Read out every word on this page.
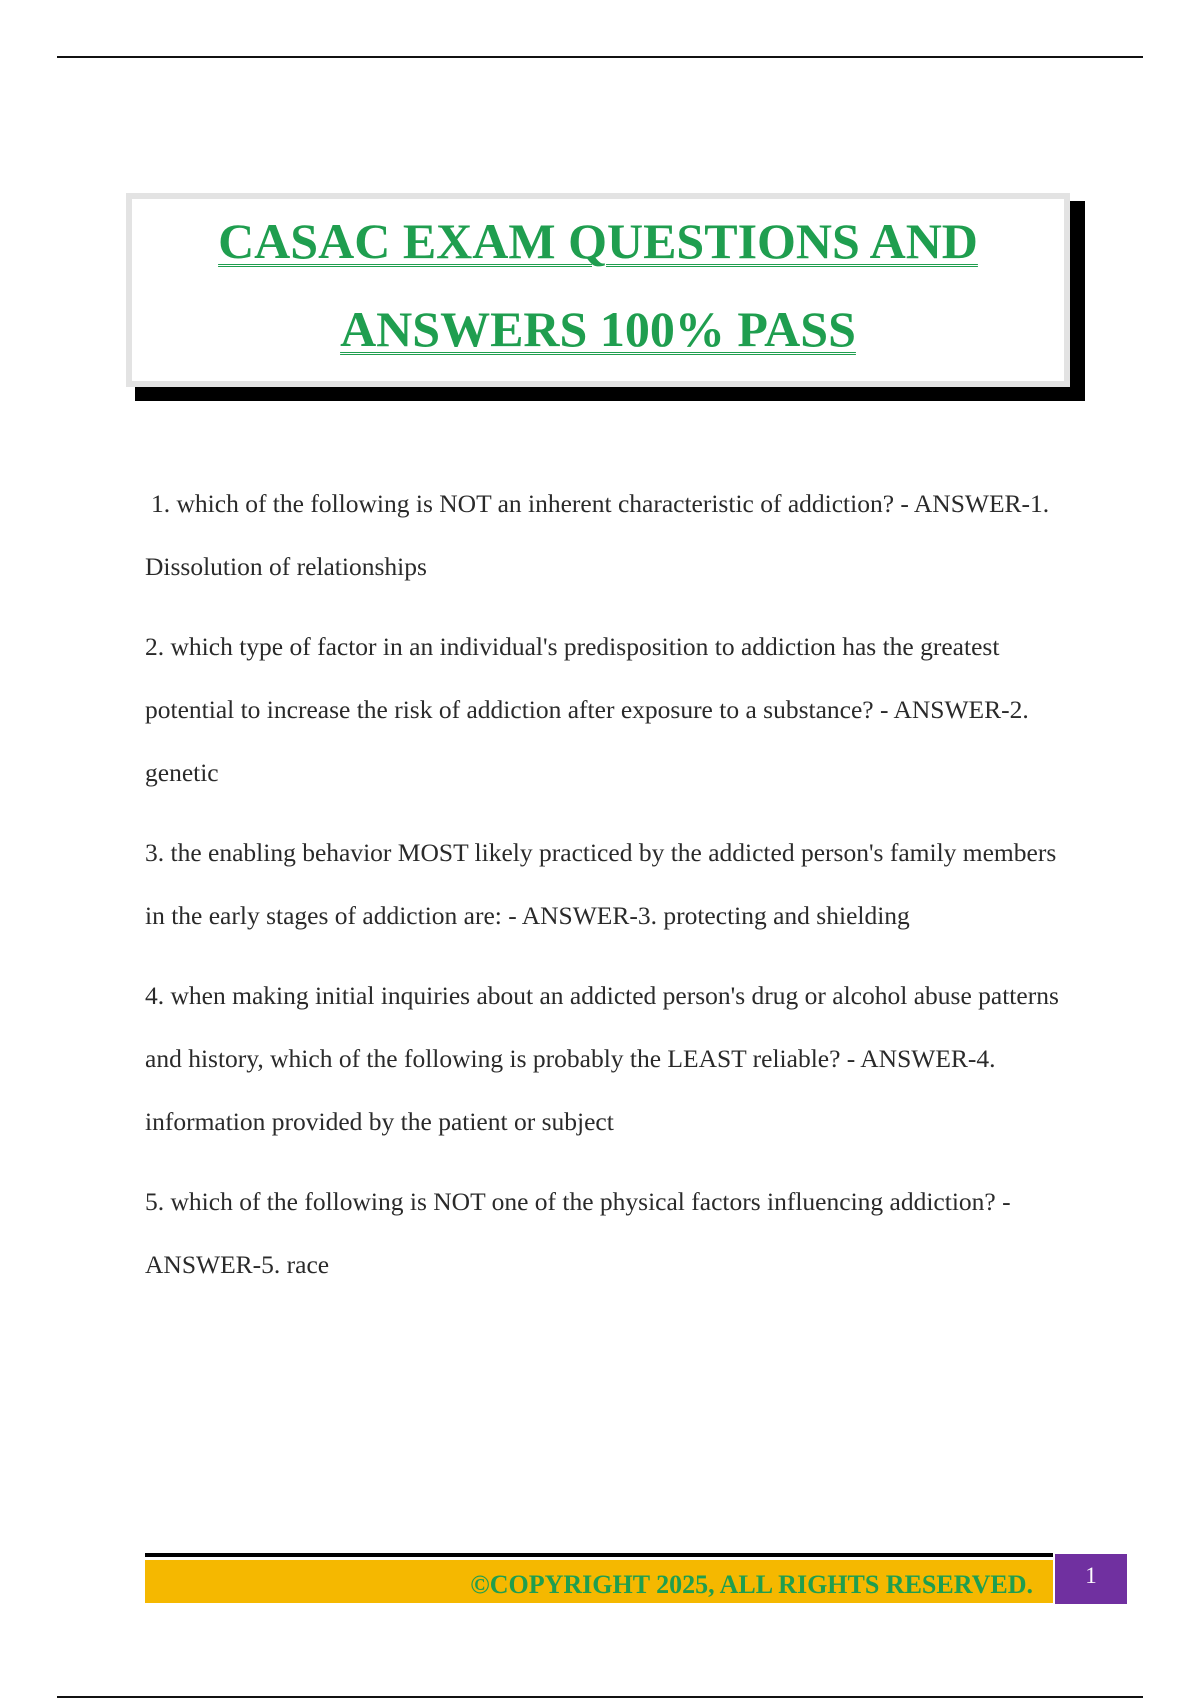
CASAC EXAM QUESTIONS AND
ANSWERS 100% PASS

1. which of the following is NOT an inherent characteristic of addiction? - ANSWER-1. Dissolution of relationships

2. which type of factor in an individual's predisposition to addiction has the greatest potential to increase the risk of addiction after exposure to a substance? - ANSWER-2. genetic

3. the enabling behavior MOST likely practiced by the addicted person's family members in the early stages of addiction are: - ANSWER-3. protecting and shielding

4. when making initial inquiries about an addicted person's drug or alcohol abuse patterns and history, which of the following is probably the LEAST reliable? - ANSWER-4. information provided by the patient or subject

5. which of the following is NOT one of the physical factors influencing addiction? - ANSWER-5. race

©COPYRIGHT 2025, ALL RIGHTS RESERVED.	1
